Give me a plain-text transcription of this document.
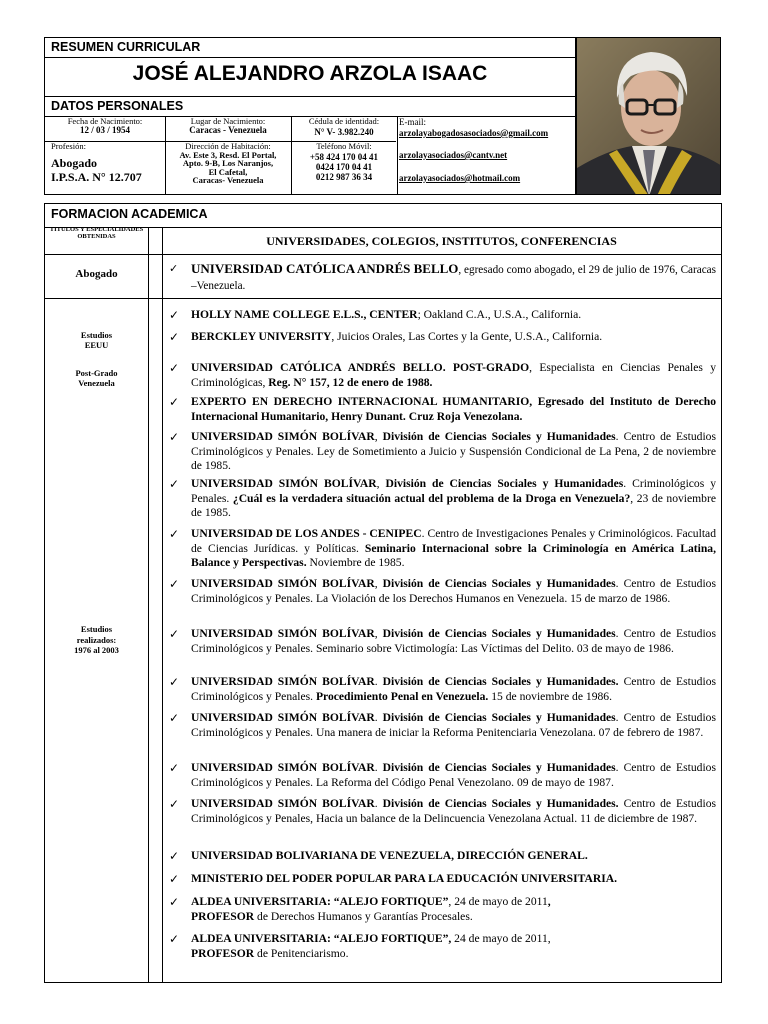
RESUMEN CURRICULAR
JOSÉ ALEJANDRO ARZOLA ISAAC
DATOS PERSONALES
Fecha de Nacimiento:
12 / 03 / 1954
Lugar de Nacimiento:
Caracas - Venezuela
Cédula de identidad:
N° V- 3.982.240
E-mail:
arzolayabogadosasociados@gmail.com
Profesión:
Abogado
I.P.S.A. N° 12.707
Dirección de Habitación:
Av. Este 3, Resd. El Portal,
Apto. 9-B, Los Naranjos,
El Cafetal,
Caracas- Venezuela
Teléfono Móvil:
+58 424 170 04 41
0424 170 04 41
0212 987 36 34
arzolayasociados@cantv.net
arzolayasociados@hotmail.com
FORMACION ACADEMICA
TITULOS Y ESPECIALIDADES OBTENIDAS	UNIVERSIDADES, COLEGIOS, INSTITUTOS, CONFERENCIAS
Abogado
Estudios
EEUU
Post-Grado
Venezuela
Estudios
realizados:
1976 al 2003
✓ UNIVERSIDAD CATÓLICA ANDRÉS BELLO, egresado como abogado, el 29 de julio de 1976, Caracas –Venezuela.
✓ HOLLY NAME COLLEGE E.L.S., CENTER; Oakland C.A., U.S.A., California.
✓ BERCKLEY UNIVERSITY, Juicios Orales, Las Cortes y la Gente, U.S.A., California.
✓ UNIVERSIDAD CATÓLICA ANDRÉS BELLO. POST-GRADO, Especialista en Ciencias Penales y Criminológicas, Reg. N° 157, 12 de enero de 1988.
✓ EXPERTO EN DERECHO INTERNACIONAL HUMANITARIO, Egresado del Instituto de Derecho Internacional Humanitario, Henry Dunant. Cruz Roja Venezolana.
✓ UNIVERSIDAD SIMÓN BOLÍVAR, División de Ciencias Sociales y Humanidades. Centro de Estudios Criminológicos y Penales. Ley de Sometimiento a Juicio y Suspensión Condicional de La Pena, 2 de noviembre de 1985.
✓ UNIVERSIDAD SIMÓN BOLÍVAR, División de Ciencias Sociales y Humanidades. Criminológicos y Penales. ¿Cuál es la verdadera situación actual del problema de la Droga en Venezuela?, 23 de noviembre de 1985.
✓ UNIVERSIDAD DE LOS ANDES - CENIPEC. Centro de Investigaciones Penales y Criminológicos. Facultad de Ciencias Jurídicas. y Políticas. Seminario Internacional sobre la Criminología en América Latina, Balance y Perspectivas. Noviembre de 1985.
✓ UNIVERSIDAD SIMÓN BOLÍVAR, División de Ciencias Sociales y Humanidades. Centro de Estudios Criminológicos y Penales. La Violación de los Derechos Humanos en Venezuela. 15 de marzo de 1986.
✓ UNIVERSIDAD SIMÓN BOLÍVAR, División de Ciencias Sociales y Humanidades. Centro de Estudios Criminológicos y Penales. Seminario sobre Victimología: Las Víctimas del Delito. 03 de mayo de 1986.
✓ UNIVERSIDAD SIMÓN BOLÍVAR. División de Ciencias Sociales y Humanidades. Centro de Estudios Criminológicos y Penales. Procedimiento Penal en Venezuela. 15 de noviembre de 1986.
✓ UNIVERSIDAD SIMÓN BOLÍVAR. División de Ciencias Sociales y Humanidades. Centro de Estudios Criminológicos y Penales. Una manera de iniciar la Reforma Penitenciaria Venezolana. 07 de febrero de 1987.
✓ UNIVERSIDAD SIMÓN BOLÍVAR. División de Ciencias Sociales y Humanidades. Centro de Estudios Criminológicos y Penales. La Reforma del Código Penal Venezolano. 09 de mayo de 1987.
✓ UNIVERSIDAD SIMÓN BOLÍVAR. División de Ciencias Sociales y Humanidades. Centro de Estudios Criminológicos y Penales, Hacia un balance de la Delincuencia Venezolana Actual. 11 de diciembre de 1987.
✓ UNIVERSIDAD BOLIVARIANA DE VENEZUELA, DIRECCIÓN GENERAL.
✓ MINISTERIO DEL PODER POPULAR PARA LA EDUCACIÓN UNIVERSITARIA.
✓ ALDEA UNIVERSITARIA: “ALEJO FORTIQUE”, 24 de mayo de 2011,
PROFESOR de Derechos Humanos y Garantías Procesales.
✓ ALDEA UNIVERSITARIA: “ALEJO FORTIQUE”, 24 de mayo de 2011,
PROFESOR de Penitenciarismo.
